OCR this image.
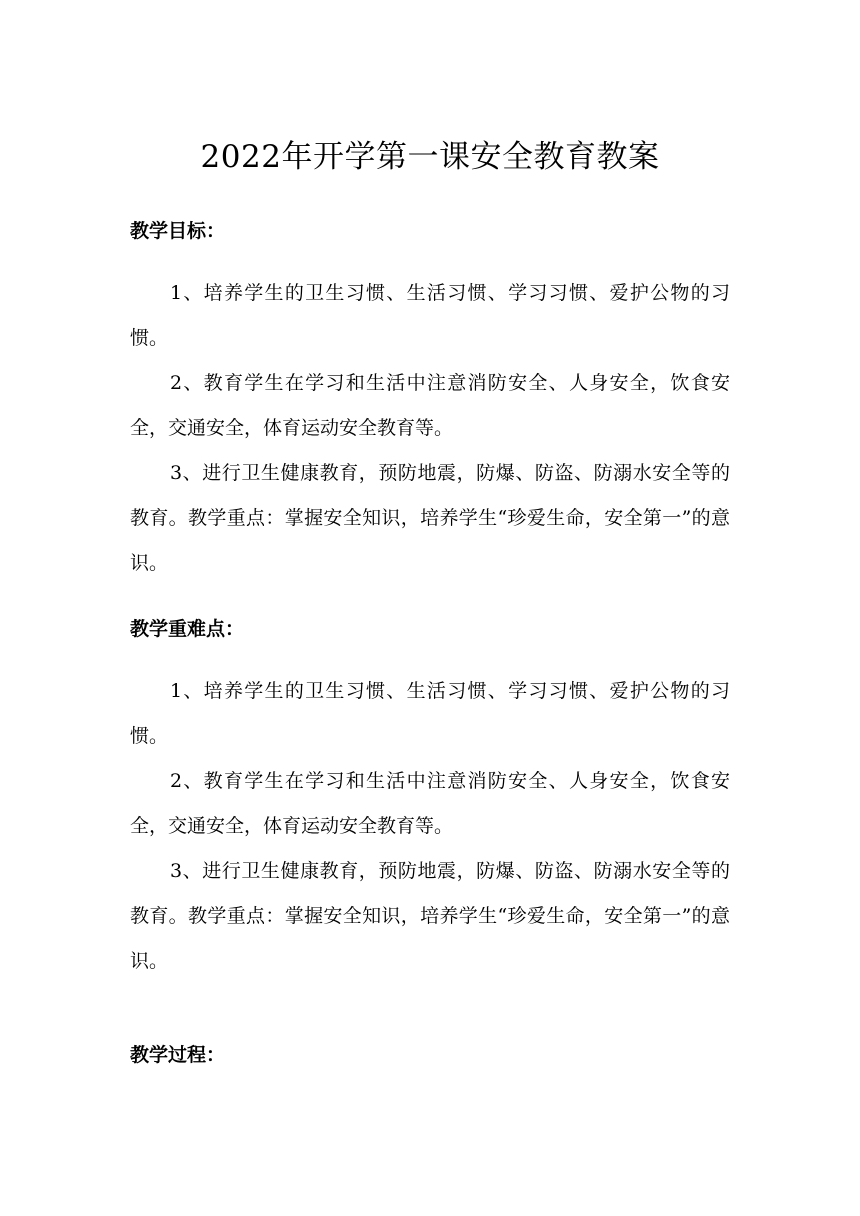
2022年开学第一课安全教育教案
教学目标：

1、培养学生的卫生习惯、生活习惯、学习习惯、爱护公物的习惯。

2、教育学生在学习和生活中注意消防安全、人身安全，饮食安全，交通安全，体育运动安全教育等。

3、进行卫生健康教育，预防地震，防爆、防盗、防溺水安全等的教育。教学重点：掌握安全知识，培养学生“珍爱生命，安全第一”的意识。

教学重难点：

1、培养学生的卫生习惯、生活习惯、学习习惯、爱护公物的习惯。

2、教育学生在学习和生活中注意消防安全、人身安全，饮食安全，交通安全，体育运动安全教育等。

3、进行卫生健康教育，预防地震，防爆、防盗、防溺水安全等的教育。教学重点：掌握安全知识，培养学生“珍爱生命，安全第一”的意识。

教学过程：
